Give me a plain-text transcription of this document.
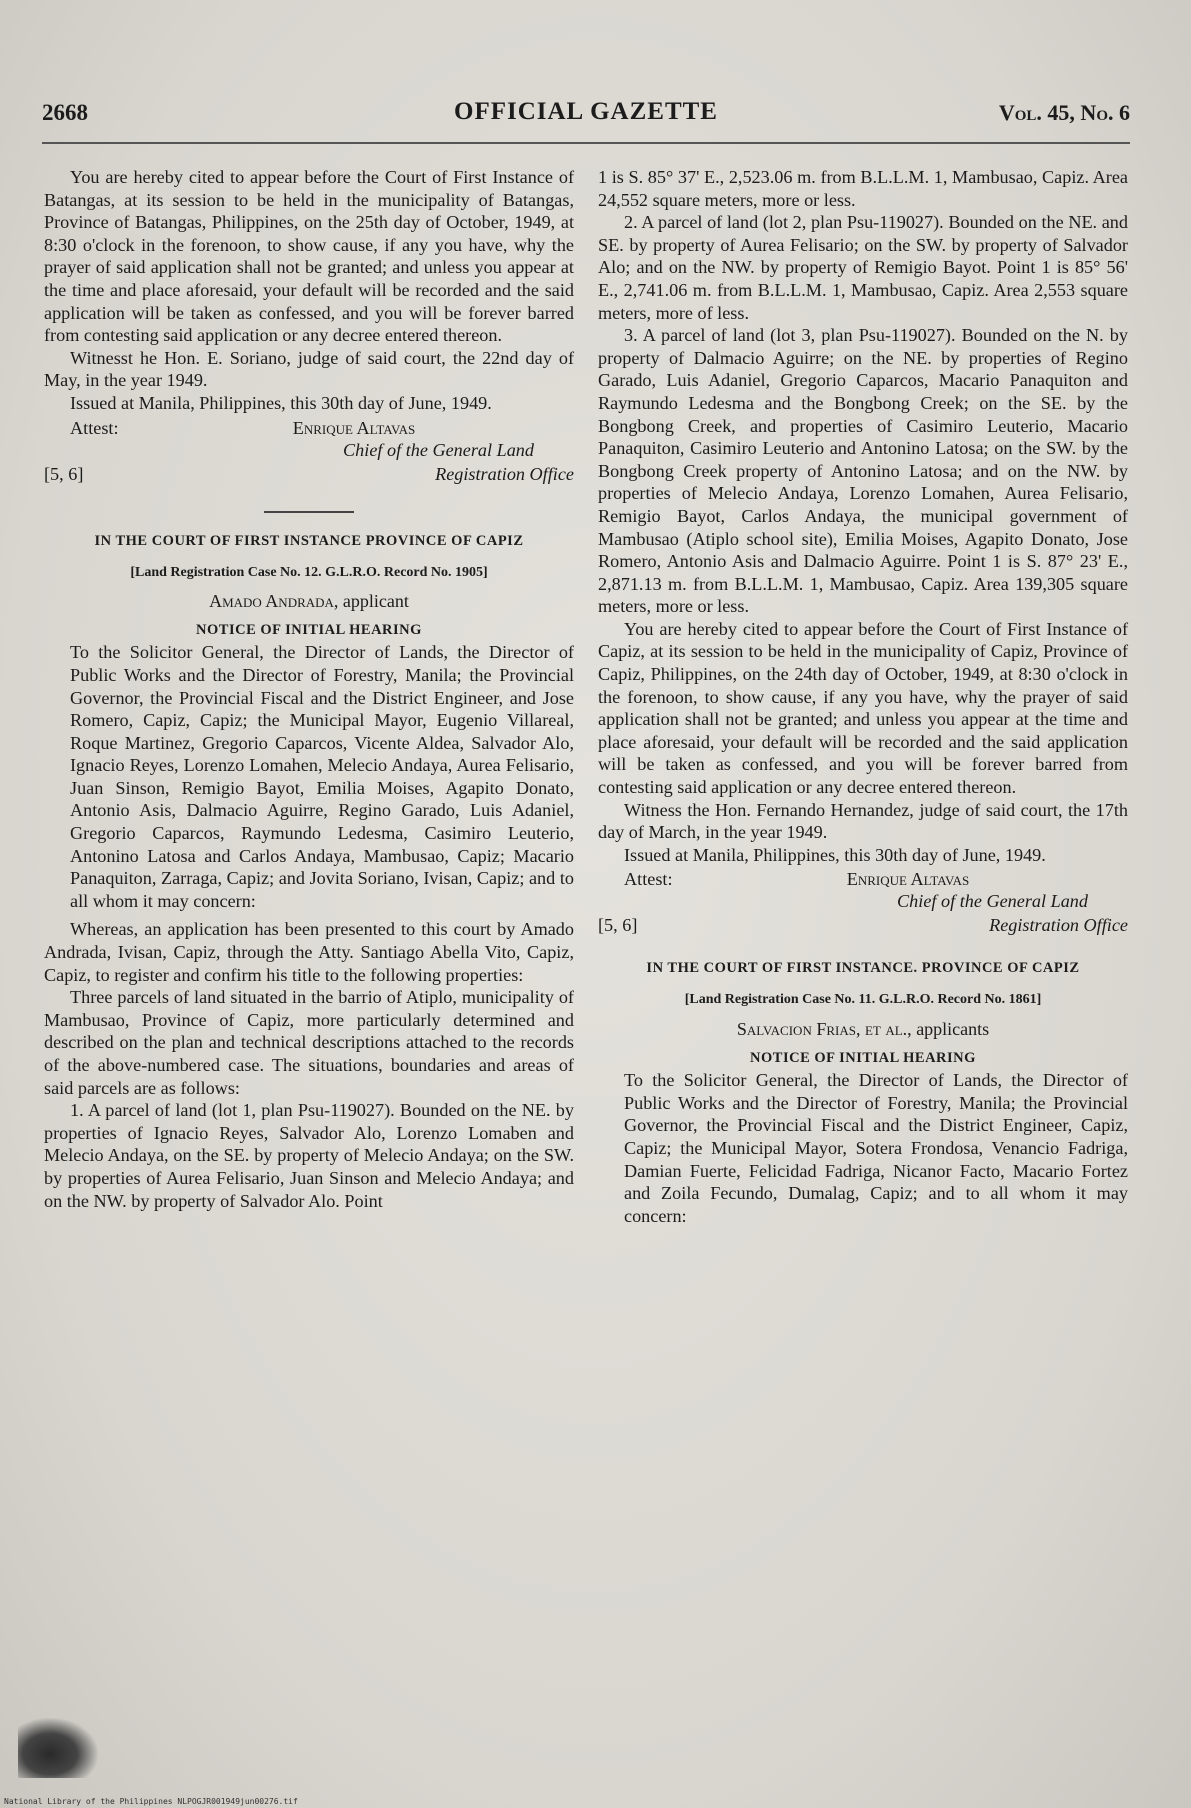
2668	OFFICIAL GAZETTE	Vol. 45, No. 6

You are hereby cited to appear before the Court of First Instance of Batangas, at its session to be held in the municipality of Batangas, Province of Batangas, Philippines, on the 25th day of October, 1949, at 8:30 o'clock in the forenoon, to show cause, if any you have, why the prayer of said application shall not be granted; and unless you appear at the time and place aforesaid, your default will be recorded and the said application will be taken as confessed, and you will be forever barred from contesting said application or any decree entered thereon.

Witnesst he Hon. E. Soriano, judge of said court, the 22nd day of May, in the year 1949.

Issued at Manila, Philippines, this 30th day of June, 1949.

Attest:	Enrique Altavas
Chief of the General Land
[5, 6]	Registration Office
IN THE COURT OF FIRST INSTANCE PROVINCE OF CAPIZ
[Land Registration Case No. 12. G.L.R.O. Record No. 1905]
Amado Andrada, applicant
NOTICE OF INITIAL HEARING

To the Solicitor General, the Director of Lands, the Director of Public Works and the Director of Forestry, Manila; the Provincial Governor, the Provincial Fiscal and the District Engineer, and Jose Romero, Capiz, Capiz; the Municipal Mayor, Eugenio Villareal, Roque Martinez, Gregorio Caparcos, Vicente Aldea, Salvador Alo, Ignacio Reyes, Lorenzo Lomahen, Melecio Andaya, Aurea Felisario, Juan Sinson, Remigio Bayot, Emilia Moises, Agapito Donato, Antonio Asis, Dalmacio Aguirre, Regino Garado, Luis Adaniel, Gregorio Caparcos, Raymundo Ledesma, Casimiro Leuterio, Antonino Latosa and Carlos Andaya, Mambusao, Capiz; Macario Panaquiton, Zarraga, Capiz; and Jovita Soriano, Ivisan, Capiz; and to all whom it may concern:

Whereas, an application has been presented to this court by Amado Andrada, Ivisan, Capiz, through the Atty. Santiago Abella Vito, Capiz, Capiz, to register and confirm his title to the following properties:

Three parcels of land situated in the barrio of Atiplo, municipality of Mambusao, Province of Capiz, more particularly determined and described on the plan and technical descriptions attached to the records of the above-numbered case. The situations, boundaries and areas of said parcels are as follows:

1. A parcel of land (lot 1, plan Psu-119027). Bounded on the NE. by properties of Ignacio Reyes, Salvador Alo, Lorenzo Lomaben and Melecio Andaya, on the SE. by property of Melecio Andaya; on the SW. by properties of Aurea Felisario, Juan Sinson and Melecio Andaya; and on the NW. by property of Salvador Alo. Point

1 is S. 85° 37' E., 2,523.06 m. from B.L.L.M. 1, Mambusao, Capiz. Area 24,552 square meters, more or less.

2. A parcel of land (lot 2, plan Psu-119027). Bounded on the NE. and SE. by property of Aurea Felisario; on the SW. by property of Salvador Alo; and on the NW. by property of Remigio Bayot. Point 1 is 85° 56' E., 2,741.06 m. from B.L.L.M. 1, Mambusao, Capiz. Area 2,553 square meters, more of less.

3. A parcel of land (lot 3, plan Psu-119027). Bounded on the N. by property of Dalmacio Aguirre; on the NE. by properties of Regino Garado, Luis Adaniel, Gregorio Caparcos, Macario Panaquiton and Raymundo Ledesma and the Bongbong Creek; on the SE. by the Bongbong Creek, and properties of Casimiro Leuterio, Macario Panaquiton, Casimiro Leuterio and Antonino Latosa; on the SW. by the Bongbong Creek property of Antonino Latosa; and on the NW. by properties of Melecio Andaya, Lorenzo Lomahen, Aurea Felisario, Remigio Bayot, Carlos Andaya, the municipal government of Mambusao (Atiplo school site), Emilia Moises, Agapito Donato, Jose Romero, Antonio Asis and Dalmacio Aguirre. Point 1 is S. 87° 23' E., 2,871.13 m. from B.L.L.M. 1, Mambusao, Capiz. Area 139,305 square meters, more or less.

You are hereby cited to appear before the Court of First Instance of Capiz, at its session to be held in the municipality of Capiz, Province of Capiz, Philippines, on the 24th day of October, 1949, at 8:30 o'clock in the forenoon, to show cause, if any you have, why the prayer of said application shall not be granted; and unless you appear at the time and place aforesaid, your default will be recorded and the said application will be taken as confessed, and you will be forever barred from contesting said application or any decree entered thereon.

Witness the Hon. Fernando Hernandez, judge of said court, the 17th day of March, in the year 1949.

Issued at Manila, Philippines, this 30th day of June, 1949.

Attest:	Enrique Altavas
Chief of the General Land
[5, 6]	Registration Office
IN THE COURT OF FIRST INSTANCE. PROVINCE OF CAPIZ
[Land Registration Case No. 11. G.L.R.O. Record No. 1861]
Salvacion Frias, et al., applicants
NOTICE OF INITIAL HEARING

To the Solicitor General, the Director of Lands, the Director of Public Works and the Director of Forestry, Manila; the Provincial Governor, the Provincial Fiscal and the District Engineer, Capiz, Capiz; the Municipal Mayor, Sotera Frondosa, Venancio Fadriga, Damian Fuerte, Felicidad Fadriga, Nicanor Facto, Macario Fortez and Zoila Fecundo, Dumalag, Capiz; and to all whom it may concern:

National Library of the Philippines NLPOGJR001949jun00276.tif
